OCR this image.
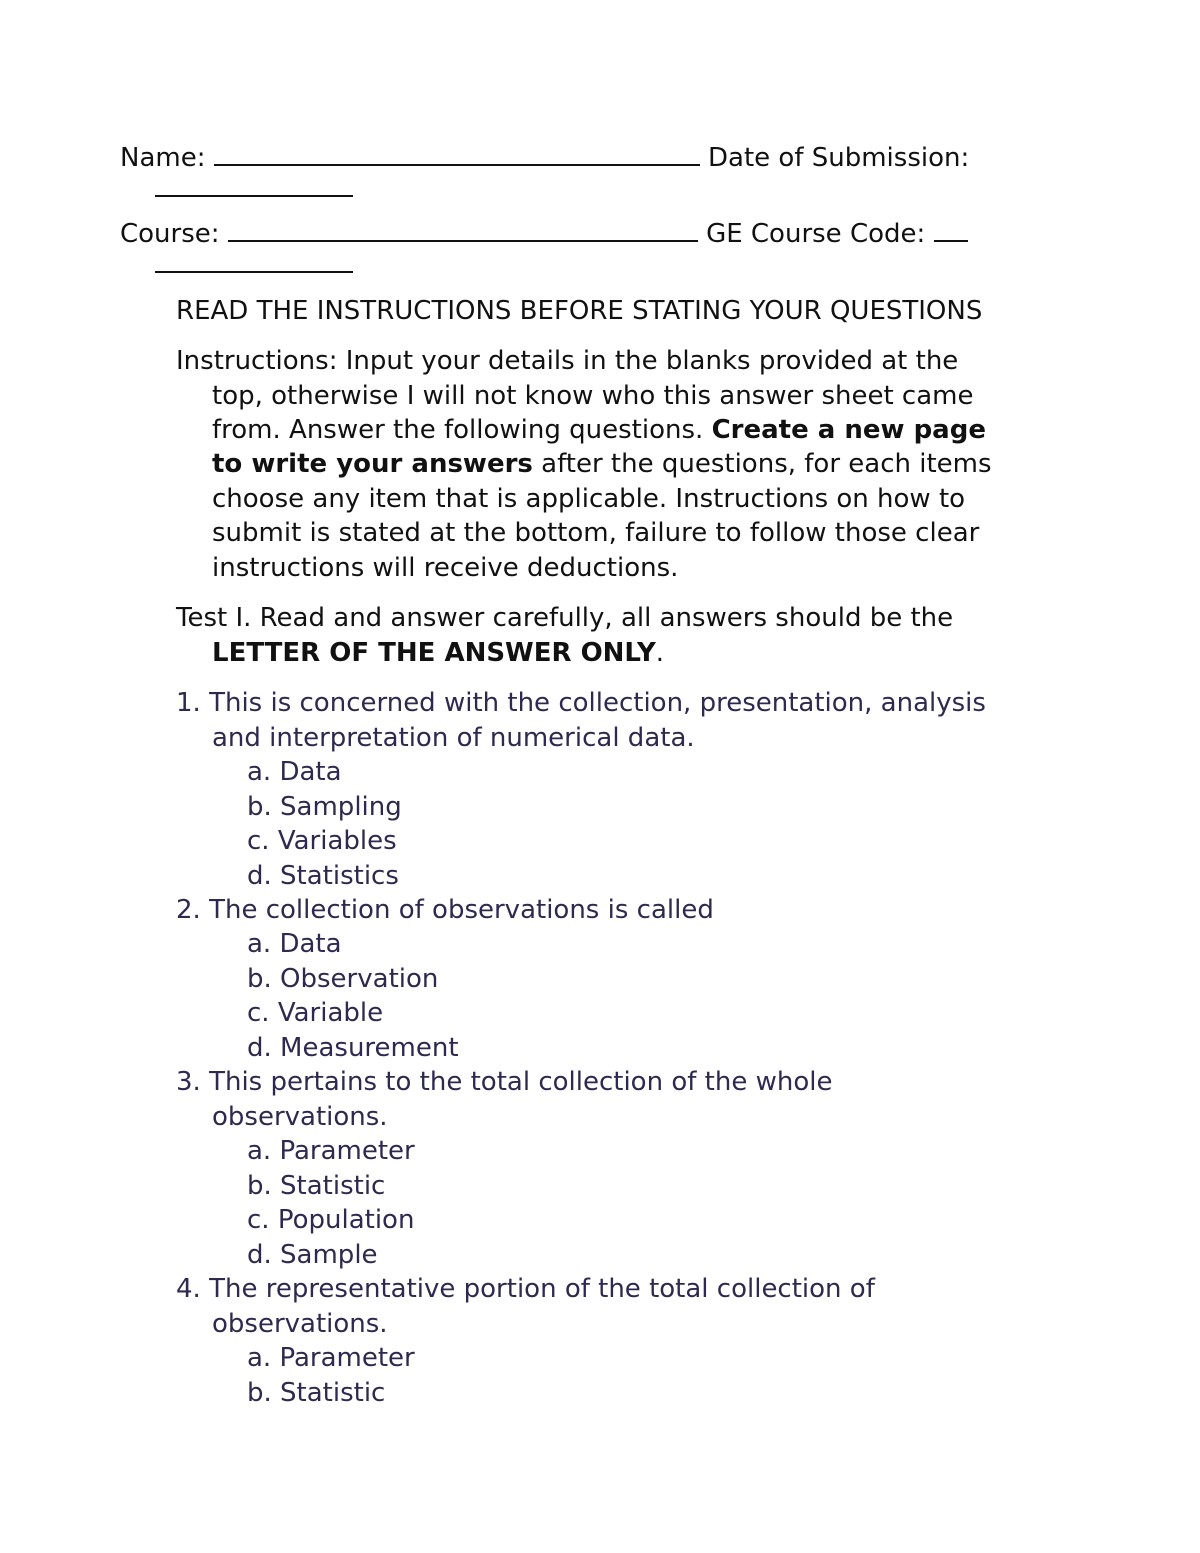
Name:	Date of Submission:
Course:	GE Course Code:
READ THE INSTRUCTIONS BEFORE STATING YOUR QUESTIONS
Instructions: Input your details in the blanks provided at the
top, otherwise I will not know who this answer sheet came
from. Answer the following questions. Create a new page
to write your answers after the questions, for each items
choose any item that is applicable. Instructions on how to
submit is stated at the bottom, failure to follow those clear
instructions will receive deductions.
Test I. Read and answer carefully, all answers should be the
LETTER OF THE ANSWER ONLY.
1. This is concerned with the collection, presentation, analysis
and interpretation of numerical data.
a. Data
b. Sampling
c. Variables
d. Statistics
2. The collection of observations is called
a. Data
b. Observation
c. Variable
d. Measurement
3. This pertains to the total collection of the whole
observations.
a. Parameter
b. Statistic
c. Population
d. Sample
4. The representative portion of the total collection of
observations.
a. Parameter
b. Statistic
